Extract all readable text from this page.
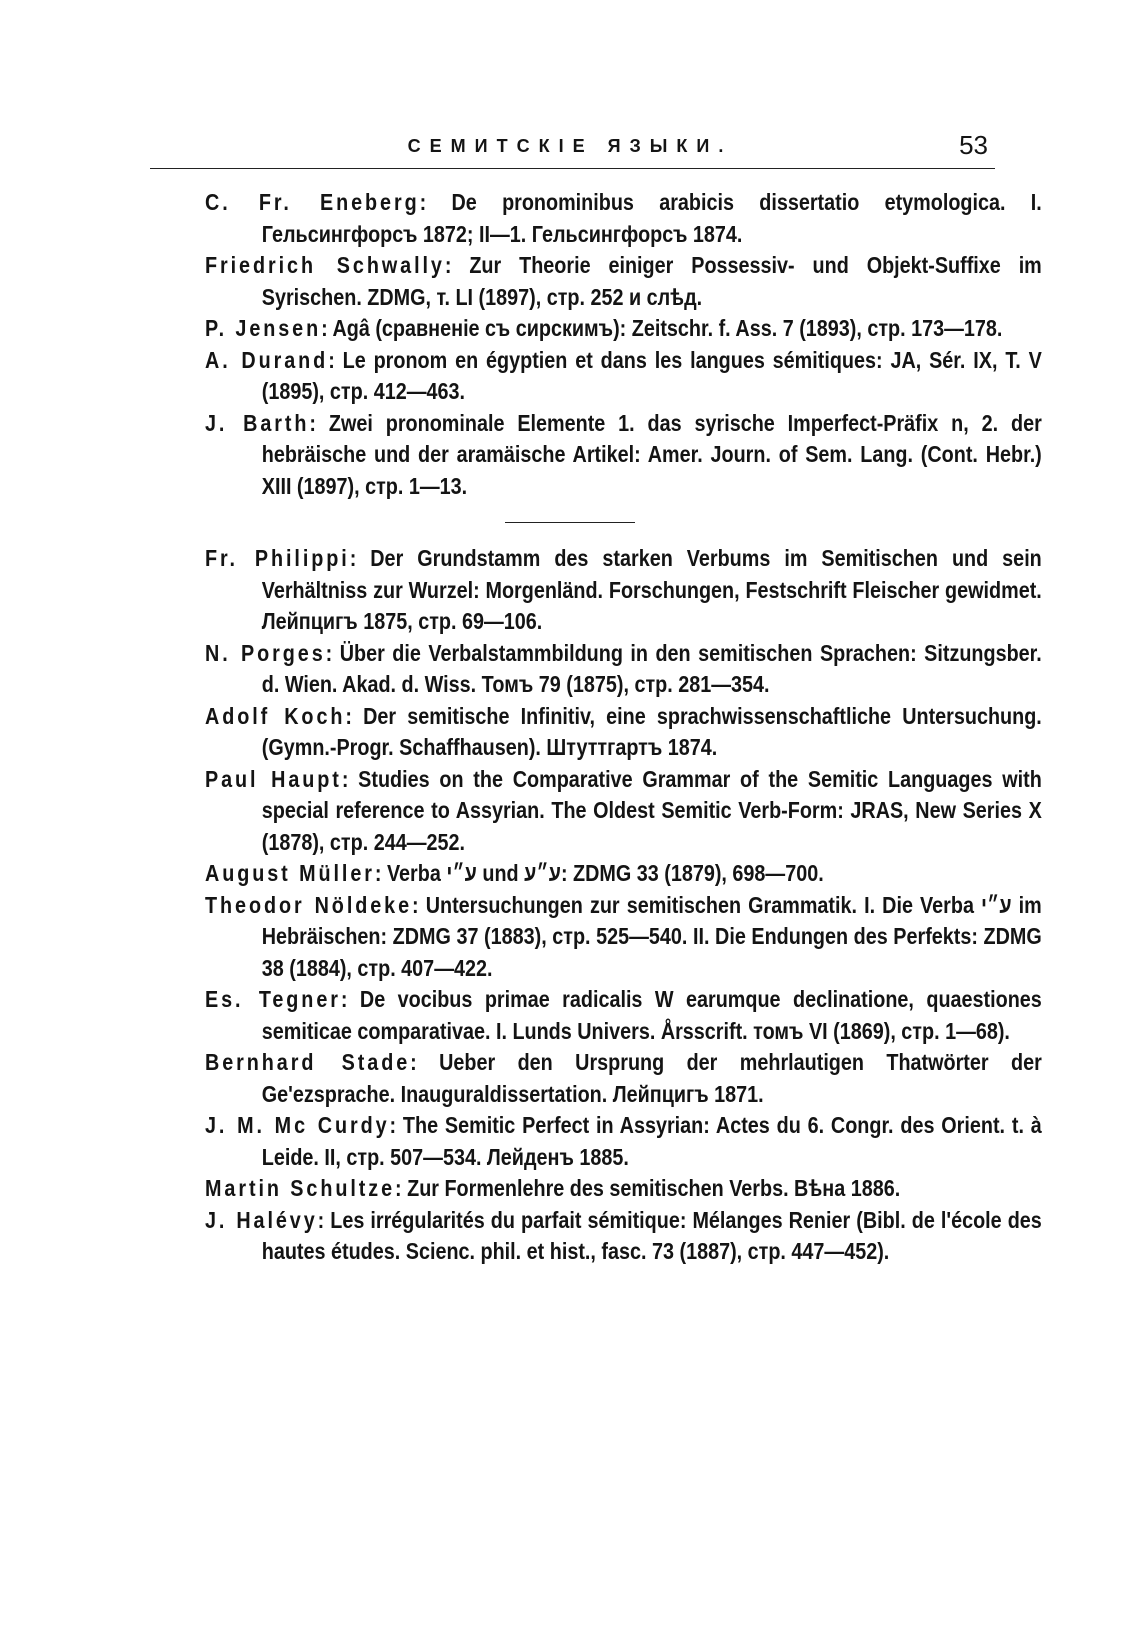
СЕМИТСКІЕ ЯЗЫКИ.	53
C. Fr. Eneberg: De pronominibus arabicis dissertatio etymologica. I. Гельсингфорсъ 1872; II—1. Гельсингфорсъ 1874.
Friedrich Schwally: Zur Theorie einiger Possessiv- und Objekt-Suffixe im Syrischen. ZDMG, т. LI (1897), стр. 252 и слѣд.
P. Jensen: Agâ (сравненіе съ сирскимъ): Zeitschr. f. Ass. 7 (1893), стр. 173—178.
A. Durand: Le pronom en égyptien et dans les langues sémitiques: JA, Sér. IX, T. V (1895), стр. 412—463.
J. Barth: Zwei pronominale Elemente 1. das syrische Imperfect-Präfix n, 2. der hebräische und der aramäische Artikel: Amer. Journ. of Sem. Lang. (Cont. Hebr.) XIII (1897), стр. 1—13.
Fr. Philippi: Der Grundstamm des starken Verbums im Semitischen und sein Verhältniss zur Wurzel: Morgenländ. Forschungen, Festschrift Fleischer gewidmet. Лейпцигъ 1875, стр. 69—106.
N. Porges: Über die Verbalstammbildung in den semitischen Sprachen: Sitzungsber. d. Wien. Akad. d. Wiss. Томъ 79 (1875), стр. 281—354.
Adolf Koch: Der semitische Infinitiv, eine sprachwissenschaftliche Untersuchung. (Gymn.-Progr. Schaffhausen). Штуттгартъ 1874.
Paul Haupt: Studies on the Comparative Grammar of the Semitic Languages with special reference to Assyrian. The Oldest Semitic Verb-Form: JRAS, New Series X (1878), стр. 244—252.
August Müller: Verba ע״י und ע״ע: ZDMG 33 (1879), 698—700.
Theodor Nöldeke: Untersuchungen zur semitischen Grammatik. I. Die Verba ע״י im Hebräischen: ZDMG 37 (1883), стр. 525—540. II. Die Endungen des Perfekts: ZDMG 38 (1884), стр. 407—422.
Es. Tegner: De vocibus primae radicalis W earumque declinatione, quaestiones semiticae comparativae. I. Lunds Univers. Årsscrift. томъ VI (1869), стр. 1—68).
Bernhard Stade: Ueber den Ursprung der mehrlautigen Thatwörter der Ge'ezsprache. Inauguraldissertation. Лейпцигъ 1871.
J. M. Mc Curdy: The Semitic Perfect in Assyrian: Actes du 6. Congr. des Orient. t. à Leide. II, стр. 507—534. Лейденъ 1885.
Martin Schultze: Zur Formenlehre des semitischen Verbs. Вѣна 1886.
J. Halévy: Les irrégularités du parfait sémitique: Mélanges Renier (Bibl. de l'école des hautes études. Scienc. phil. et hist., fasc. 73 (1887), стр. 447—452).
